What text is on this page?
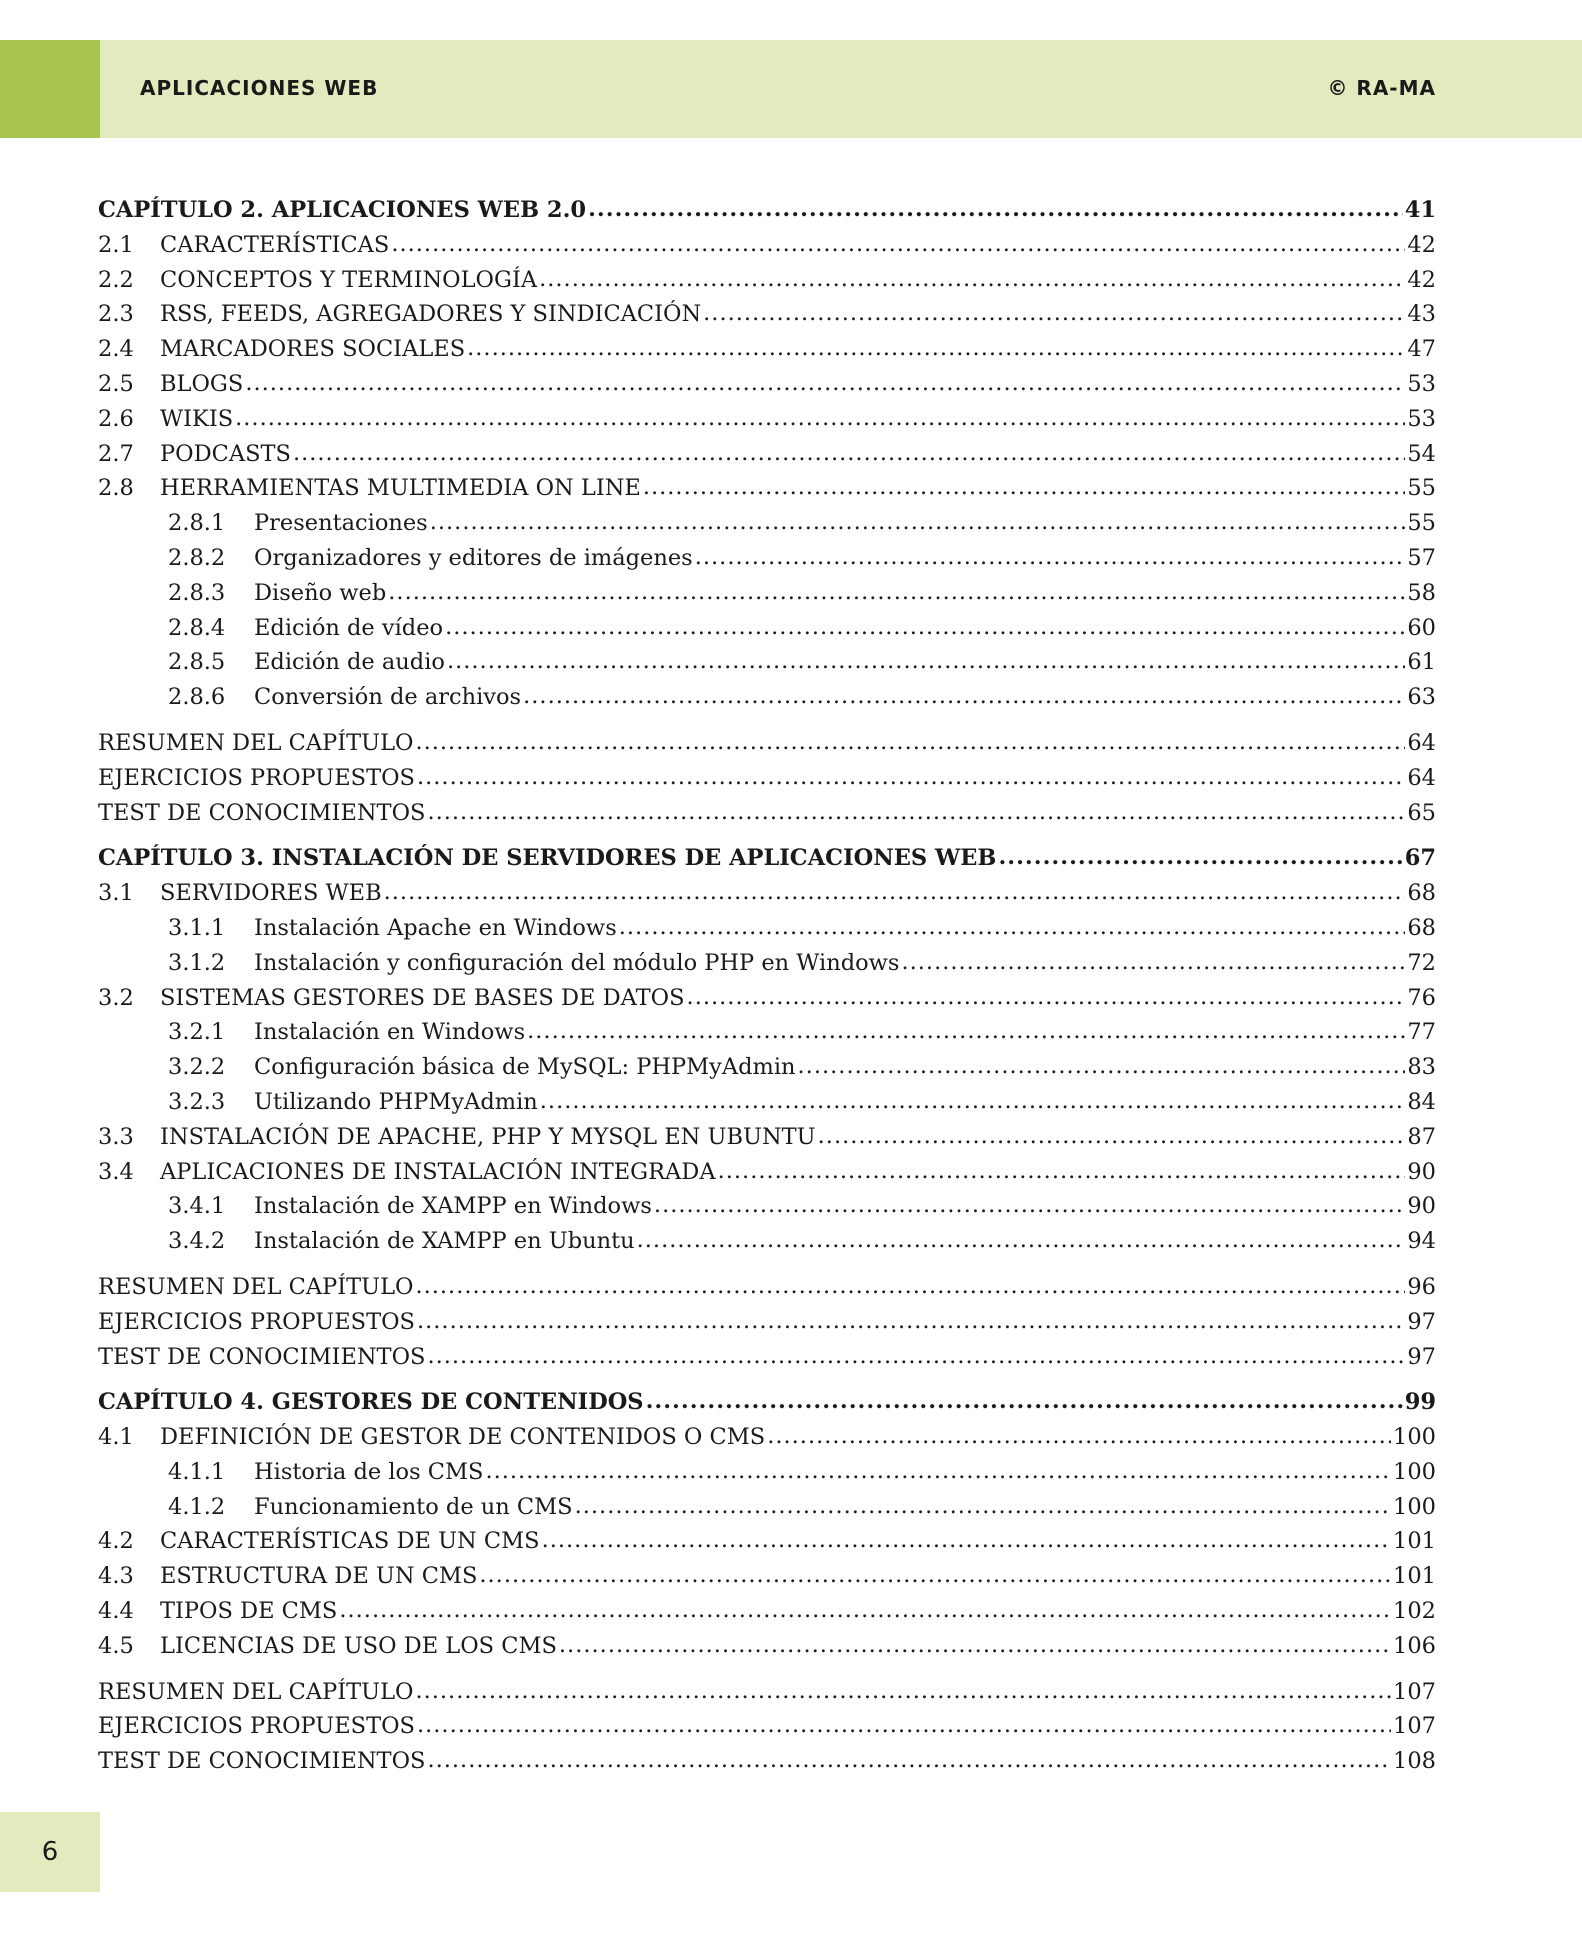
APLICACIONES WEB	© RA-MA
CAPÍTULO 2. APLICACIONES WEB 2.0 .....	41
2.1	CARACTERÍSTICAS .....	42
2.2	CONCEPTOS Y TERMINOLOGÍA .....	42
2.3	RSS, FEEDS, AGREGADORES Y SINDICACIÓN .....	43
2.4	MARCADORES SOCIALES .....	47
2.5	BLOGS .....	53
2.6	WIKIS .....	53
2.7	PODCASTS .....	54
2.8	HERRAMIENTAS MULTIMEDIA ON LINE .....	55
2.8.1	Presentaciones .....	55
2.8.2	Organizadores y editores de imágenes .....	57
2.8.3	Diseño web .....	58
2.8.4	Edición de vídeo .....	60
2.8.5	Edición de audio .....	61
2.8.6	Conversión de archivos .....	63
RESUMEN DEL CAPÍTULO .....	64
EJERCICIOS PROPUESTOS .....	64
TEST DE CONOCIMIENTOS .....	65
CAPÍTULO 3. INSTALACIÓN DE SERVIDORES DE APLICACIONES WEB .....	67
3.1	SERVIDORES WEB .....	68
3.1.1	Instalación Apache en Windows .....	68
3.1.2	Instalación y configuración del módulo PHP en Windows .....	72
3.2	SISTEMAS GESTORES DE BASES DE DATOS .....	76
3.2.1	Instalación en Windows .....	77
3.2.2	Configuración básica de MySQL: PHPMyAdmin .....	83
3.2.3	Utilizando PHPMyAdmin .....	84
3.3	INSTALACIÓN DE APACHE, PHP Y MYSQL EN UBUNTU .....	87
3.4	APLICACIONES DE INSTALACIÓN INTEGRADA .....	90
3.4.1	Instalación de XAMPP en Windows .....	90
3.4.2	Instalación de XAMPP en Ubuntu .....	94
RESUMEN DEL CAPÍTULO .....	96
EJERCICIOS PROPUESTOS .....	97
TEST DE CONOCIMIENTOS .....	97
CAPÍTULO 4. GESTORES DE CONTENIDOS .....	99
4.1	DEFINICIÓN DE GESTOR DE CONTENIDOS O CMS .....	100
4.1.1	Historia de los CMS .....	100
4.1.2	Funcionamiento de un CMS .....	100
4.2	CARACTERÍSTICAS DE UN CMS .....	101
4.3	ESTRUCTURA DE UN CMS .....	101
4.4	TIPOS DE CMS .....	102
4.5	LICENCIAS DE USO DE LOS CMS .....	106
RESUMEN DEL CAPÍTULO .....	107
EJERCICIOS PROPUESTOS .....	107
TEST DE CONOCIMIENTOS .....	108
6
